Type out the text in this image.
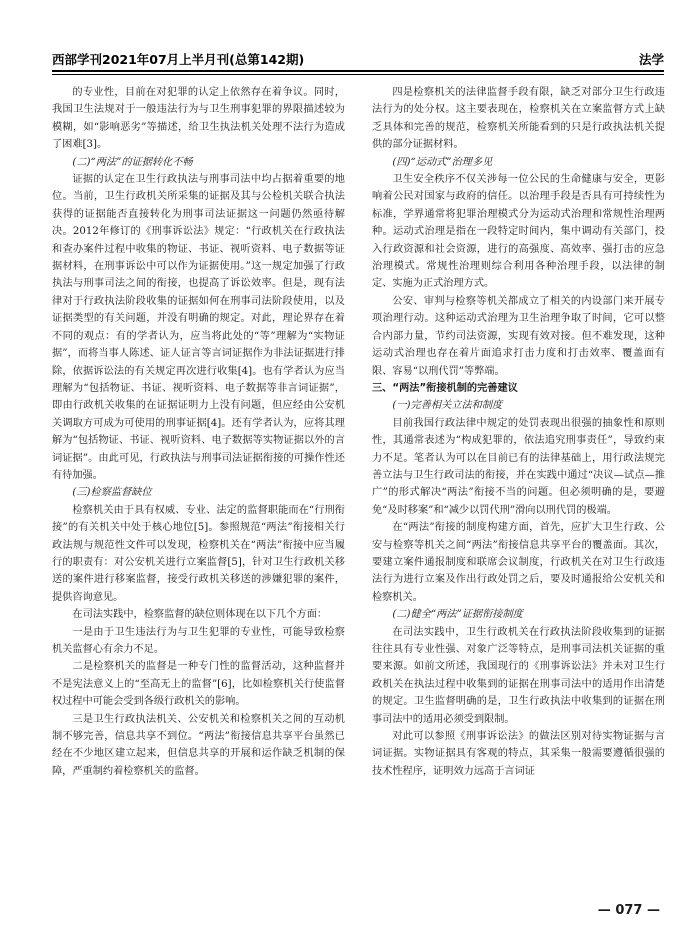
西部学刊2021年07月上半月刊(总第142期)	法学

的专业性，目前在对犯罪的认定上依然存在着争议。同时，我国卫生法规对于一般违法行为与卫生刑事犯罪的界限描述较为模糊，如“影响恶劣”等描述，给卫生执法机关处理不法行为造成了困难[3]。

(二)“两法”的证据转化不畅

证据的认定在卫生行政执法与刑事司法中均占据着重要的地位。当前，卫生行政机关所采集的证据及其与公检机关联合执法获得的证据能否直接转化为刑事司法证据这一问题仍然亟待解决。2012年修订的《刑事诉讼法》规定：“行政机关在行政执法和查办案件过程中收集的物证、书证、视听资料、电子数据等证据材料，在刑事诉讼中可以作为证据使用。”这一规定加强了行政执法与刑事司法之间的衔接，也提高了诉讼效率。但是，现有法律对于行政执法阶段收集的证据如何在刑事司法阶段使用，以及证据类型的有关问题，并没有明确的规定。对此，理论界存在着不同的观点：有的学者认为，应当将此处的“等”理解为“实物证据”，而将当事人陈述、证人证言等言词证据作为非法证据进行排除，依据诉讼法的有关规定再次进行收集[4]。也有学者认为应当理解为“包括物证、书证、视听资料、电子数据等非言词证据”，即由行政机关收集的在证据证明力上没有问题，但应经由公安机关调取方可成为可使用的刑事证据[4]。还有学者认为，应将其理解为“包括物证、书证、视听资料、电子数据等实物证据以外的言词证据”。由此可见，行政执法与刑事司法证据衔接的可操作性还有待加强。

(三)检察监督缺位

检察机关由于具有权威、专业、法定的监督职能而在“行刑衔接”的有关机关中处于核心地位[5]。参照规范“两法”衔接相关行政法规与规范性文件可以发现，检察机关在“两法”衔接中应当履行的职责有：对公安机关进行立案监督[5]，针对卫生行政机关移送的案件进行移案监督，接受行政机关移送的涉嫌犯罪的案件，提供咨询意见。

在司法实践中，检察监督的缺位则体现在以下几个方面：

一是由于卫生违法行为与卫生犯罪的专业性，可能导致检察机关监督心有余力不足。

二是检察机关的监督是一种专门性的监督活动，这种监督并不是宪法意义上的“至高无上的监督”[6]，比如检察机关行使监督权过程中可能会受到各级行政机关的影响。

三是卫生行政执法机关、公安机关和检察机关之间的互动机制不够完善，信息共享不到位。“两法”衔接信息共享平台虽然已经在不少地区建立起来，但信息共享的开展和运作缺乏机制的保障，严重制约着检察机关的监督。

四是检察机关的法律监督手段有限，缺乏对部分卫生行政违法行为的处分权。这主要表现在，检察机关在立案监督方式上缺乏具体和完善的规范，检察机关所能看到的只是行政执法机关提供的部分证据材料。

(四)“运动式”治理多见

卫生安全秩序不仅关涉每一位公民的生命健康与安全，更影响着公民对国家与政府的信任。以治理手段是否具有可持续性为标准，学界通常将犯罪治理模式分为运动式治理和常规性治理两种。运动式治理是指在一段特定时间内，集中调动有关部门，投入行政资源和社会资源，进行的高强度、高效率、强打击的应急治理模式。常规性治理则综合利用各种治理手段，以法律的制定、实施为正式治理方式。

公安、审判与检察等机关都成立了相关的内设部门来开展专项治理行动。这种运动式治理为卫生治理争取了时间，它可以整合内部力量，节约司法资源，实现有效对接。但不难发现，这种运动式治理也存在着片面追求打击力度和打击效率、覆盖面有限、容易“以刑代罚”等弊端。

三、“两法”衔接机制的完善建议

(一)完善相关立法和制度

目前我国行政法律中规定的处罚表现出很强的抽象性和原则性，其通常表述为“构成犯罪的，依法追究刑事责任”，导致约束力不足。笔者认为可以在目前已有的法律基础上，用行政法规完善立法与卫生行政司法的衔接，并在实践中通过“决议—试点—推广”的形式解决“两法”衔接不当的问题。但必须明确的是，要避免“及时移案”和“减少以罚代刑”滑向以刑代罚的极端。

在“两法”衔接的制度构建方面，首先，应扩大卫生行政、公安与检察等机关之间“两法”衔接信息共享平台的覆盖面。其次，要建立案件通报制度和联席会议制度，行政机关在对卫生行政违法行为进行立案及作出行政处罚之后，要及时通报给公安机关和检察机关。

(二)健全“两法”证据衔接制度

在司法实践中，卫生行政机关在行政执法阶段收集到的证据往往具有专业性强、对象广泛等特点，是刑事司法机关证据的重要来源。如前文所述，我国现行的《刑事诉讼法》并未对卫生行政机关在执法过程中收集到的证据在刑事司法中的适用作出清楚的规定。卫生监督明确的是，卫生行政执法中收集到的证据在刑事司法中的适用必须受到限制。

对此可以参照《刑事诉讼法》的做法区别对待实物证据与言词证据。实物证据具有客观的特点，其采集一般需要遵循很强的技术性程序，证明效力远高于言词证

— 077 —
